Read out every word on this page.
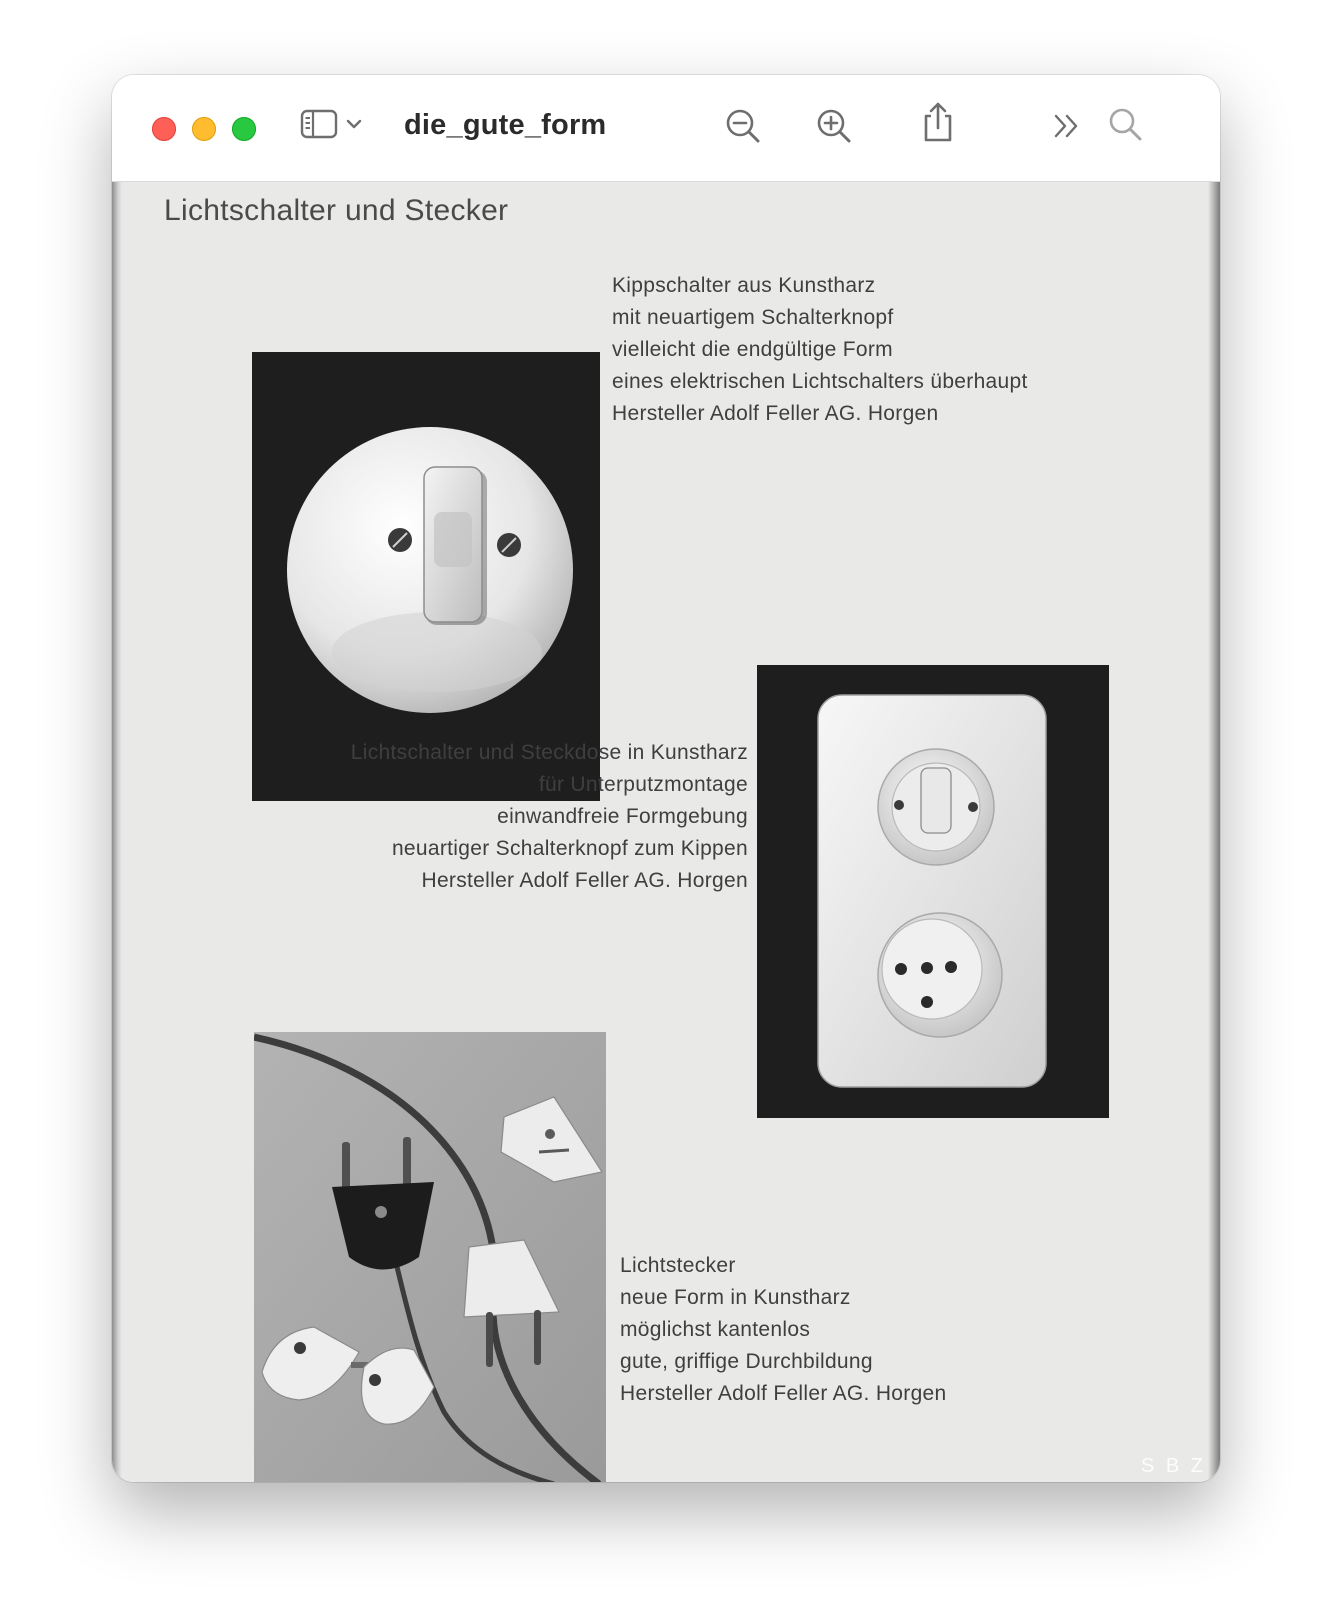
die_gute_form
Lichtschalter und Stecker
Kippschalter aus Kunstharz
mit neuartigem Schalterknopf
vielleicht die endgültige Form
eines elektrischen Lichtschalters überhaupt
Hersteller Adolf Feller AG. Horgen
Lichtschalter und Steckdose in Kunstharz
für Unterputzmontage
einwandfreie Formgebung
neuartiger Schalterknopf zum Kippen
Hersteller Adolf Feller AG. Horgen
Lichtstecker
neue Form in Kunstharz
möglichst kantenlos
gute, griffige Durchbildung
Hersteller Adolf Feller AG. Horgen
S B Z
